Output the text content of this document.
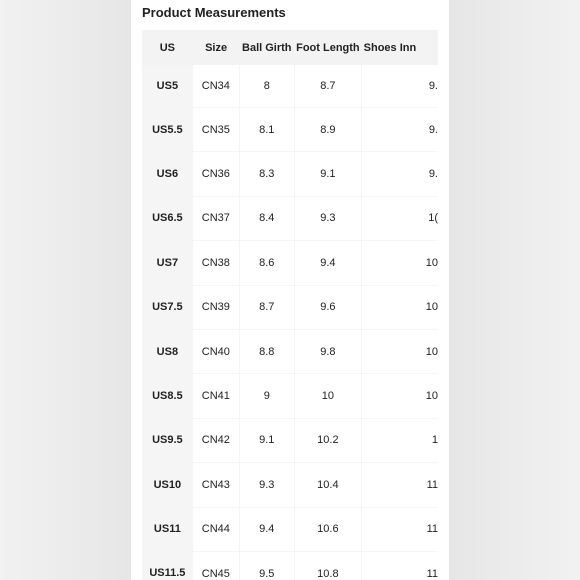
Product Measurements
US	Size	Ball Girth	Foot Length	Shoes Inn
US5	CN34	8	8.7	9.
US5.5	CN35	8.1	8.9	9.
US6	CN36	8.3	9.1	9.
US6.5	CN37	8.4	9.3	1(
US7	CN38	8.6	9.4	10
US7.5	CN39	8.7	9.6	10
US8	CN40	8.8	9.8	10
US8.5	CN41	9	10	10
US9.5	CN42	9.1	10.2	1
US10	CN43	9.3	10.4	11
US11	CN44	9.4	10.6	11
US11.5	CN45	9.5	10.8	11
